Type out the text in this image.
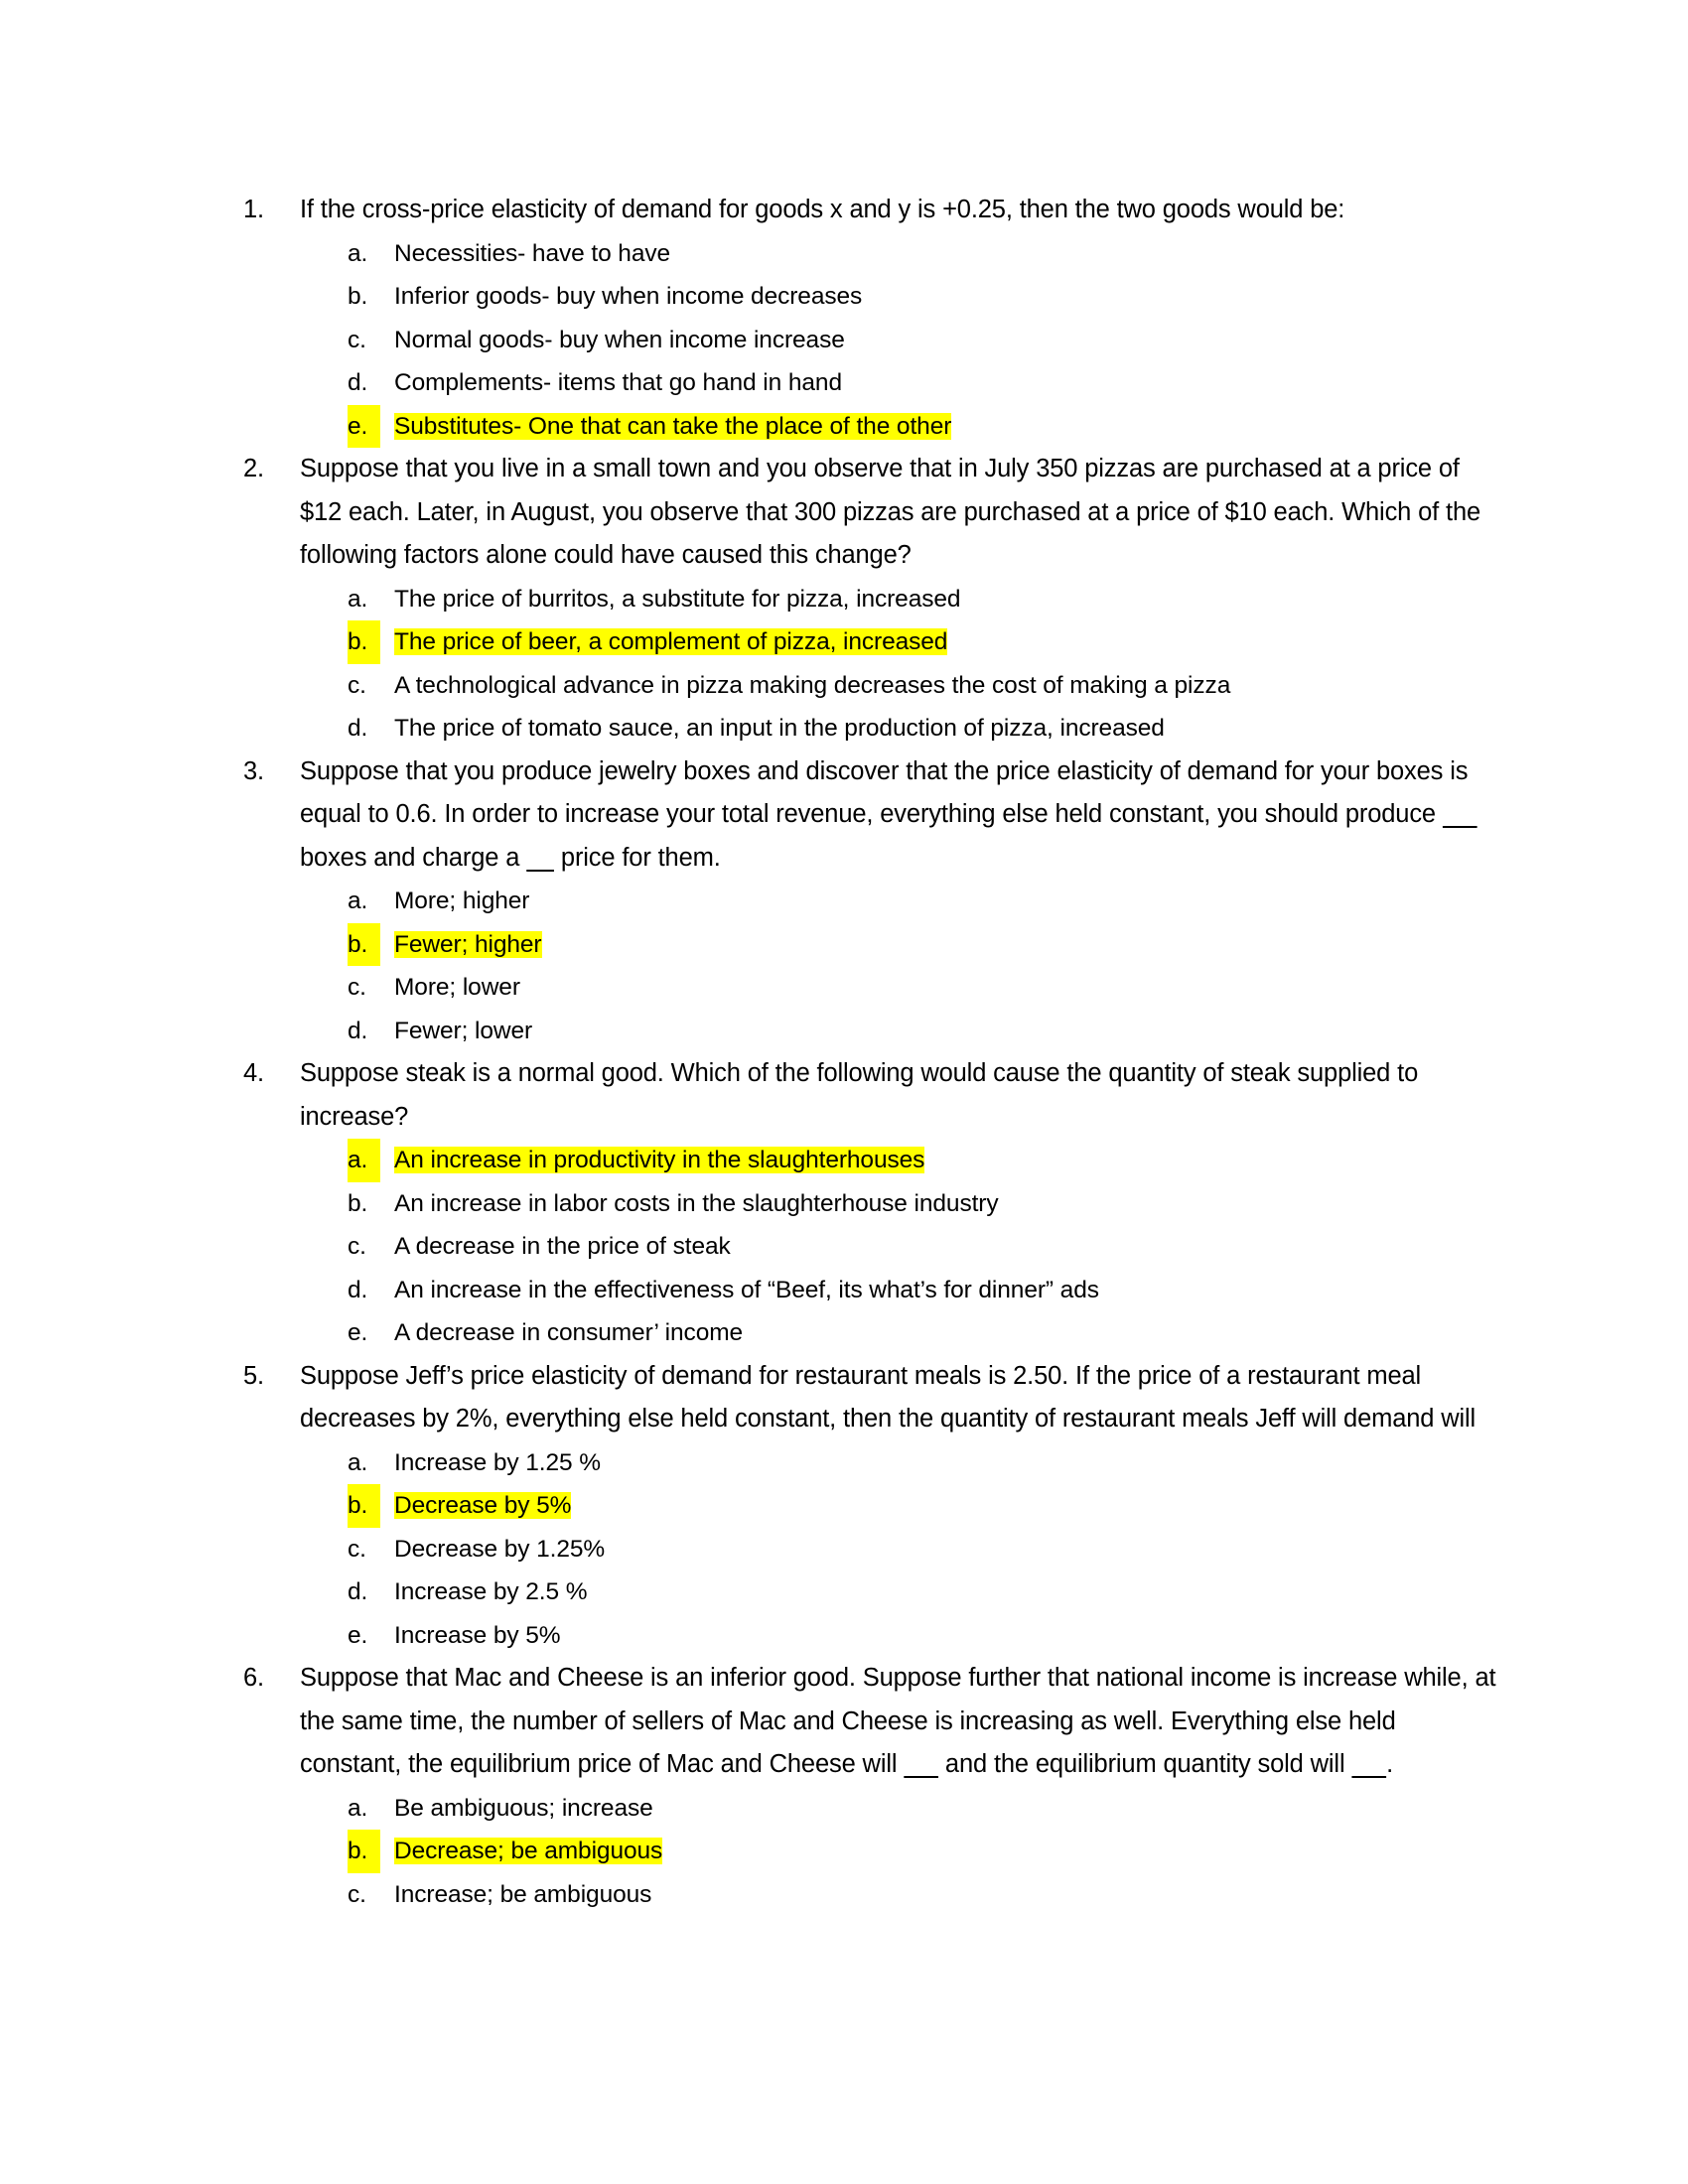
1.	If the cross-price elasticity of demand for goods x and y is +0.25, then the two goods would be:
a. Necessities- have to have
b. Inferior goods- buy when income decreases
c. Normal goods- buy when income increase
d. Complements- items that go hand in hand
e.	Substitutes- One that can take the place of the other
2.	Suppose that you live in a small town and you observe that in July 350 pizzas are purchased at a price of $12 each. Later, in August, you observe that 300 pizzas are purchased at a price of $10 each. Which of the following factors alone could have caused this change?
a. The price of burritos, a substitute for pizza, increased
b.	The price of beer, a complement of pizza, increased
c. A technological advance in pizza making decreases the cost of making a pizza
d. The price of tomato sauce, an input in the production of pizza, increased
3.	Suppose that you produce jewelry boxes and discover that the price elasticity of demand for your boxes is equal to 0.6. In order to increase your total revenue, everything else held constant, you should produce       boxes and charge a      price for them.
a. More; higher
b.	Fewer; higher
c. More; lower
d. Fewer; lower
4.	Suppose steak is a normal good. Which of the following would cause the quantity of steak supplied to increase?
a.	An increase in productivity in the slaughterhouses
b. An increase in labor costs in the slaughterhouse industry
c. A decrease in the price of steak
d. An increase in the effectiveness of “Beef, its what’s for dinner” ads
e. A decrease in consumer’ income
5.	Suppose Jeff’s price elasticity of demand for restaurant meals is 2.50. If the price of a restaurant meal decreases by 2%, everything else held constant, then the quantity of restaurant meals Jeff will demand will
a. Increase by 1.25 %
b.	Decrease by 5%
c. Decrease by 1.25%
d. Increase by 2.5 %
e. Increase by 5%
6.	Suppose that Mac and Cheese is an inferior good. Suppose further that national income is increase while, at the same time, the number of sellers of Mac and Cheese is increasing as well. Everything else held constant, the equilibrium price of Mac and Cheese will       and the equilibrium quantity sold will      .
a. Be ambiguous; increase
b.	Decrease; be ambiguous
c. Increase; be ambiguous
